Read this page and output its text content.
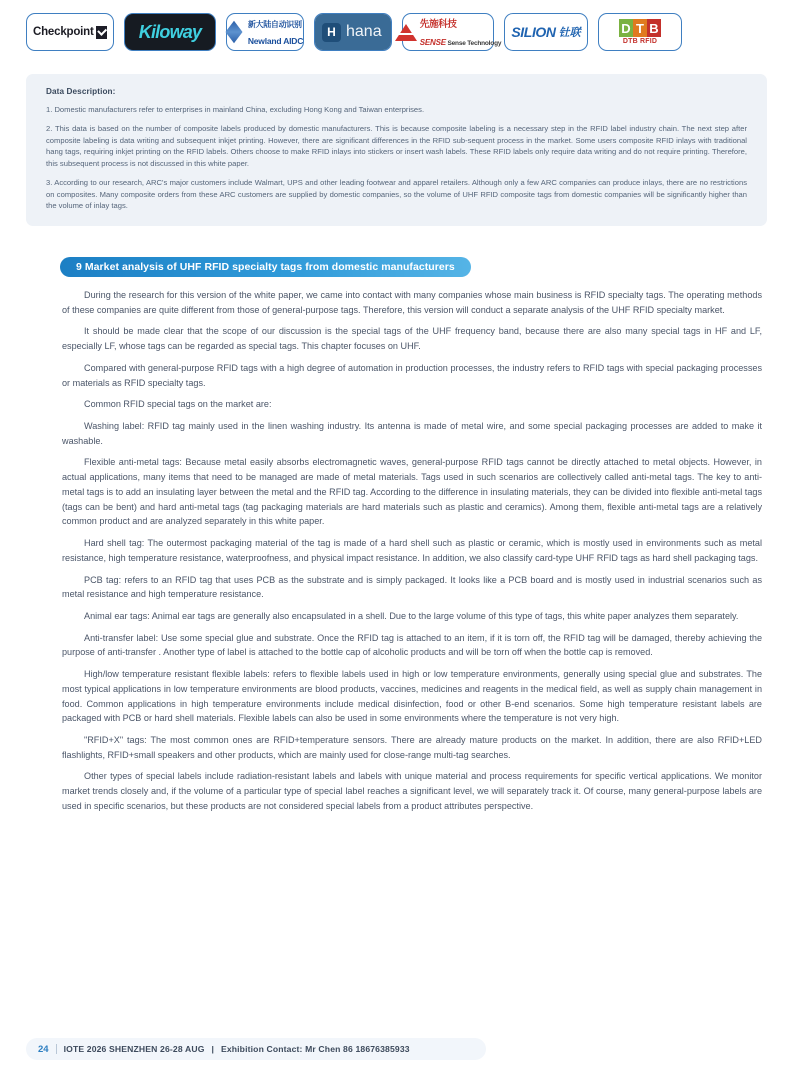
Checkpoint	Kiloway	新大陆自动识别
Newland AIDC
H hana	先施科技
SENSE Sense Technology
SILION 钍联	D T B
DTB RFID
Data Description:

1. Domestic manufacturers refer to enterprises in mainland China, excluding Hong Kong and Taiwan enterprises.

2. This data is based on the number of composite labels produced by domestic manufacturers. This is because composite labeling is a necessary step in the RFID label industry chain. The next step after composite labeling is data writing and subsequent inkjet printing. However, there are significant differences in the RFID sub-sequent process in the market. Some users composite RFID inlays with traditional hang tags, requiring inkjet printing on the RFID labels. Others choose to make RFID inlays into stickers or insert wash labels. These RFID labels only require data writing and do not require printing. Therefore, this subsequent process is not discussed in this white paper.

3. According to our research, ARC's major customers include Walmart, UPS and other leading footwear and apparel retailers. Although only a few ARC companies can produce inlays, there are no restrictions on composites. Many composite orders from these ARC customers are supplied by domestic companies, so the volume of UHF RFID composite tags from domestic companies will be significantly higher than the volume of inlay tags.

9 Market analysis of UHF RFID specialty tags from domestic manufacturers

During the research for this version of the white paper, we came into contact with many companies whose main business is RFID specialty tags. The operating methods of these companies are quite different from those of general-purpose tags. Therefore, this version will conduct a separate analysis of the UHF RFID specialty market.

It should be made clear that the scope of our discussion is the special tags of the UHF frequency band, because there are also many special tags in HF and LF, especially LF, whose tags can be regarded as special tags. This chapter focuses on UHF.

Compared with general-purpose RFID tags with a high degree of automation in production processes, the industry refers to RFID tags with special packaging processes or materials as RFID specialty tags.

Common RFID special tags on the market are:

Washing label: RFID tag mainly used in the linen washing industry. Its antenna is made of metal wire, and some special packaging processes are added to make it washable.

Flexible anti-metal tags: Because metal easily absorbs electromagnetic waves, general-purpose RFID tags cannot be directly attached to metal objects. However, in actual applications, many items that need to be managed are made of metal materials. Tags used in such scenarios are collectively called anti-metal tags. The key to anti-metal tags is to add an insulating layer between the metal and the RFID tag. According to the difference in insulating materials, they can be divided into flexible anti-metal tags (tags can be bent) and hard anti-metal tags (tag packaging materials are hard materials such as plastic and ceramics). Among them, flexible anti-metal tags are a relatively common product and are analyzed separately in this white paper.

Hard shell tag: The outermost packaging material of the tag is made of a hard shell such as plastic or ceramic, which is mostly used in environments such as metal resistance, high temperature resistance, waterproofness, and physical impact resistance. In addition, we also classify card-type UHF RFID tags as hard shell packaging tags.

PCB tag: refers to an RFID tag that uses PCB as the substrate and is simply packaged. It looks like a PCB board and is mostly used in industrial scenarios such as metal resistance and high temperature resistance.

Animal ear tags: Animal ear tags are generally also encapsulated in a shell. Due to the large volume of this type of tags, this white paper analyzes them separately.

Anti-transfer label: Use some special glue and substrate. Once the RFID tag is attached to an item, if it is torn off, the RFID tag will be damaged, thereby achieving the purpose of anti-transfer . Another type of label is attached to the bottle cap of alcoholic products and will be torn off when the bottle cap is removed.

High/low temperature resistant flexible labels: refers to flexible labels used in high or low temperature environments, generally using special glue and substrates. The most typical applications in low temperature environments are blood products, vaccines, medicines and reagents in the medical field, as well as supply chain management in food. Common applications in high temperature environments include medical disinfection, food or other B-end scenarios. Some high temperature resistant labels are packaged with PCB or hard shell materials. Flexible labels can also be used in some environments where the temperature is not very high.

"RFID+X" tags: The most common ones are RFID+temperature sensors. There are already mature products on the market. In addition, there are also RFID+LED flashlights, RFID+small speakers and other products, which are mainly used for close-range multi-tag searches.

Other types of special labels include radiation-resistant labels and labels with unique material and process requirements for specific vertical applications. We monitor market trends closely and, if the volume of a particular type of special label reaches a significant level, we will separately track it. Of course, many general-purpose labels are used in specific scenarios, but these products are not considered special labels from a product attributes perspective.

24 IOTE 2026 SHENZHEN 26-28 AUG | Exhibition Contact: Mr Chen 86 18676385933
